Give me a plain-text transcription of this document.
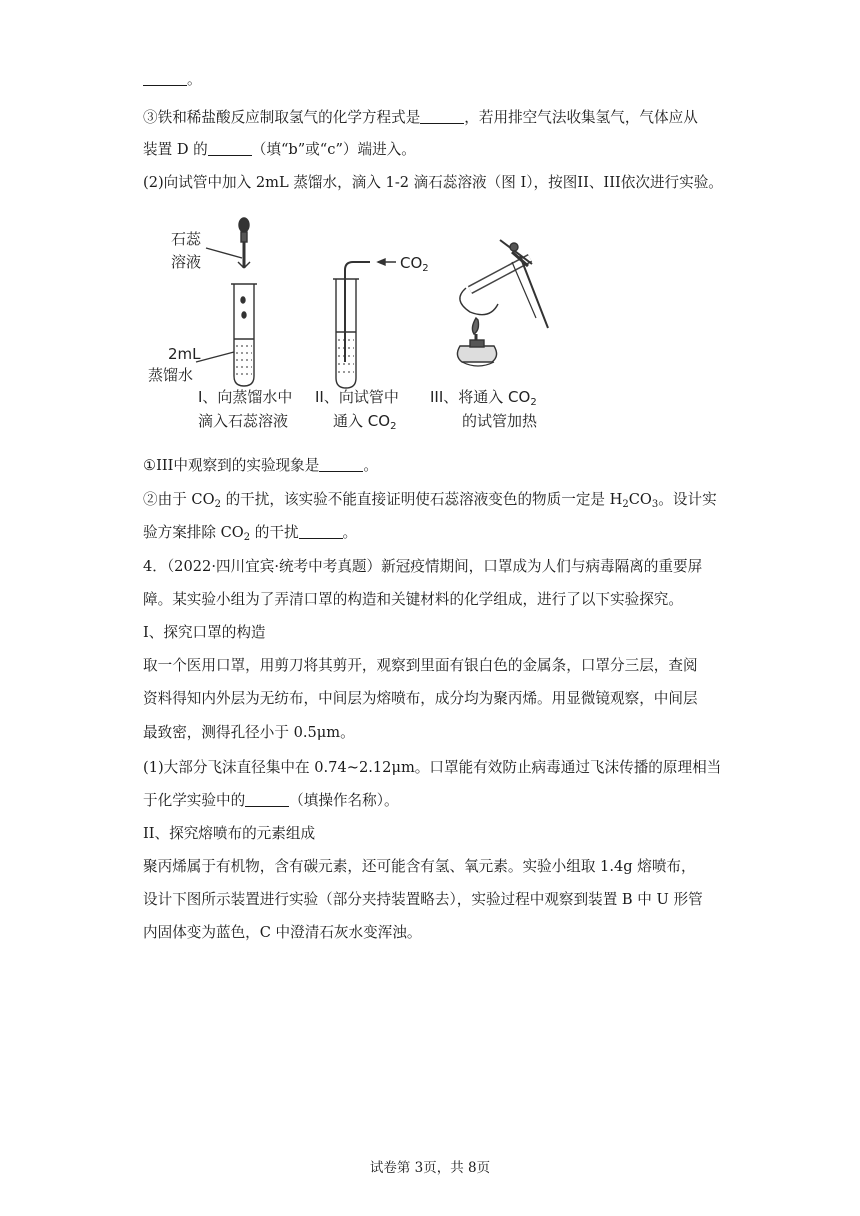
。
③铁和稀盐酸反应制取氢气的化学方程式是	，若用排空气法收集氢气，气体应从
装置 D 的	（填“b”或“c”）端进入。
(2)向试管中加入 2mL 蒸馏水，滴入 1-2 滴石蕊溶液（图 I），按图II、III依次进行实验。
①III中观察到的实验现象是	。
②由于 $CO_2$ 的干扰，该实验不能直接证明使石蕊溶液变色的物质一定是 $H_2CO_3$。设计实
验方案排除 $CO_2$ 的干扰	。
4．（2022·四川宜宾·统考中考真题）新冠疫情期间，口罩成为人们与病毒隔离的重要屏
障。某实验小组为了弄清口罩的构造和关键材料的化学组成，进行了以下实验探究。
I、探究口罩的构造
取一个医用口罩，用剪刀将其剪开，观察到里面有银白色的金属条，口罩分三层，查阅
资料得知内外层为无纺布，中间层为熔喷布，成分均为聚丙烯。用显微镜观察，中间层
最致密，测得孔径小于 0.5μm。
(1)大部分飞沫直径集中在 0.74~2.12μm。口罩能有效防止病毒通过飞沫传播的原理相当
于化学实验中的	（填操作名称）。
II、探究熔喷布的元素组成
聚丙烯属于有机物，含有碳元素，还可能含有氢、氧元素。实验小组取 1.4g 熔喷布，
设计下图所示装置进行实验（部分夹持装置略去），实验过程中观察到装置 B 中 U 形管
内固体变为蓝色，C 中澄清石灰水变浑浊。
石蕊
溶液
2mL
蒸馏水
$CO_2$
I、向蒸馏水中
滴入石蕊溶液
II、向试管中
通入 $CO_2$
III、将通入 $CO_2$
的试管加热
试卷第 3页，共 8页
